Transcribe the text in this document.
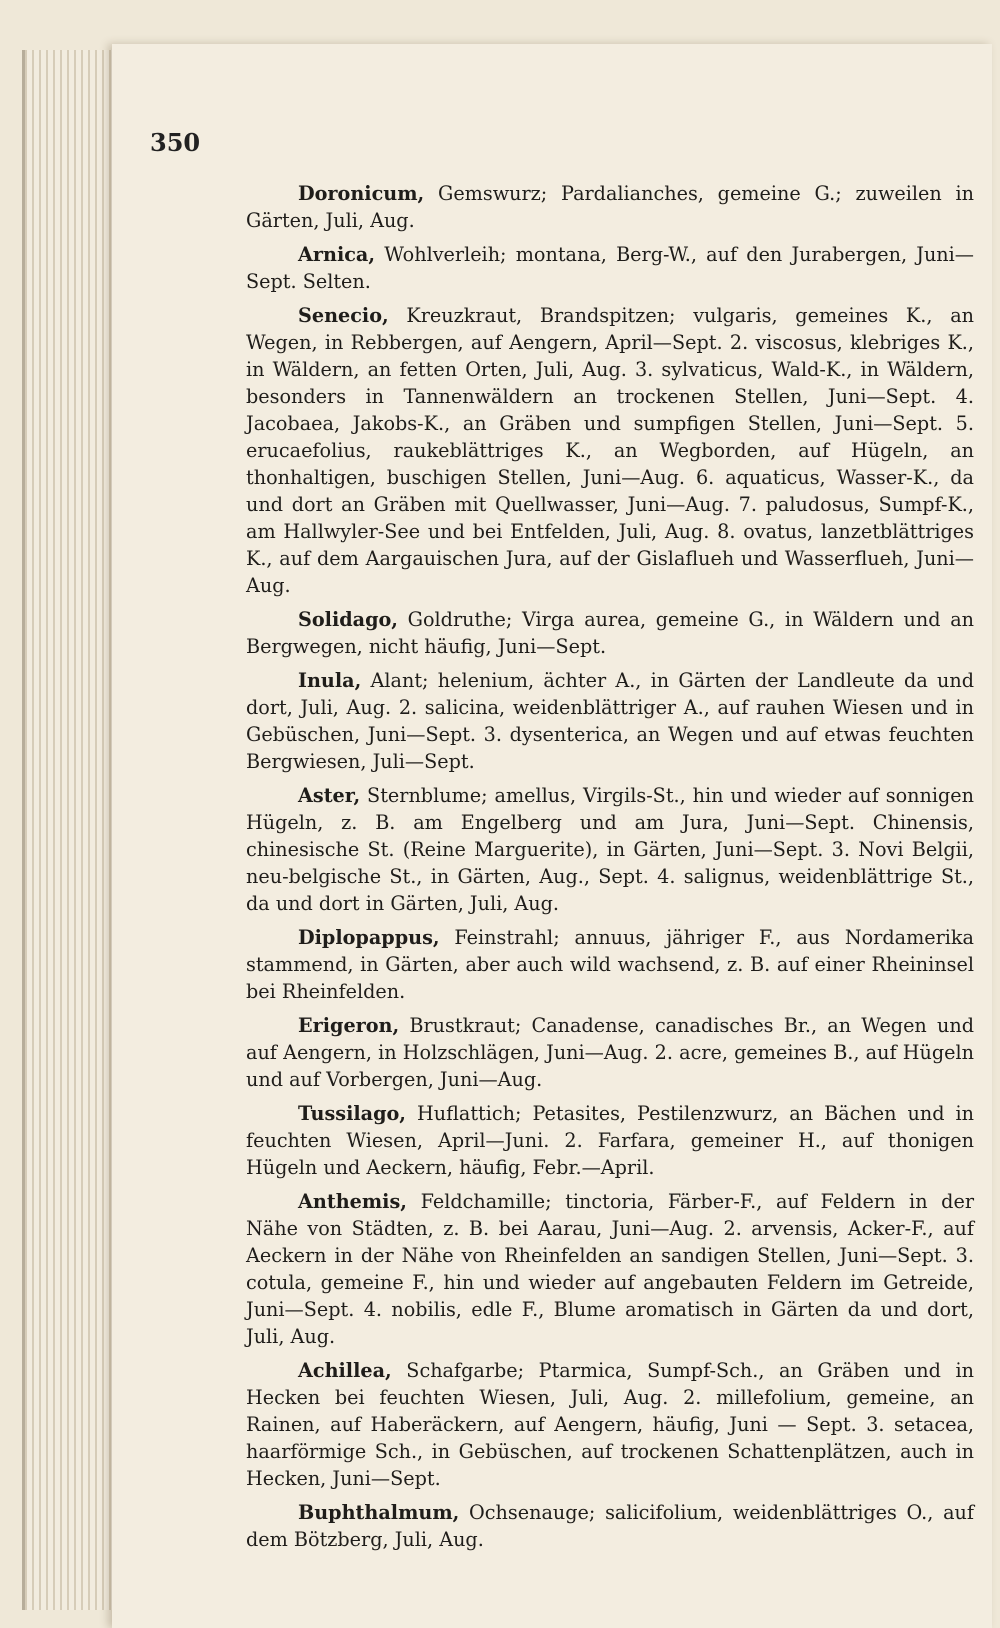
350

Doronicum, Gemswurz; Pardalianches, gemeine G.; zuweilen in Gärten, Juli, Aug.

Arnica, Wohlverleih; montana, Berg-W., auf den Jurabergen, Juni—Sept. Selten.

Senecio, Kreuzkraut, Brandspitzen; vulgaris, gemeines K., an Wegen, in Rebbergen, auf Aengern, April—Sept. 2. viscosus, klebriges K., in Wäldern, an fetten Orten, Juli, Aug. 3. sylvaticus, Wald-K., in Wäldern, besonders in Tannenwäldern an trockenen Stellen, Juni—Sept. 4. Jacobaea, Jakobs-K., an Gräben und sumpfigen Stellen, Juni—Sept. 5. erucaefolius, raukeblättriges K., an Wegborden, auf Hügeln, an thonhaltigen, buschigen Stellen, Juni—Aug. 6. aquaticus, Wasser-K., da und dort an Gräben mit Quellwasser, Juni—Aug. 7. paludosus, Sumpf-K., am Hallwyler-See und bei Entfelden, Juli, Aug. 8. ovatus, lanzetblättriges K., auf dem Aargauischen Jura, auf der Gislaflueh und Wasserflueh, Juni—Aug.

Solidago, Goldruthe; Virga aurea, gemeine G., in Wäldern und an Bergwegen, nicht häufig, Juni—Sept.

Inula, Alant; helenium, ächter A., in Gärten der Landleute da und dort, Juli, Aug. 2. salicina, weidenblättriger A., auf rauhen Wiesen und in Gebüschen, Juni—Sept. 3. dysenterica, an Wegen und auf etwas feuchten Bergwiesen, Juli—Sept.

Aster, Sternblume; amellus, Virgils-St., hin und wieder auf sonnigen Hügeln, z. B. am Engelberg und am Jura, Juni—Sept. Chinensis, chinesische St. (Reine Marguerite), in Gärten, Juni—Sept. 3. Novi Belgii, neu-belgische St., in Gärten, Aug., Sept. 4. salignus, weidenblättrige St., da und dort in Gärten, Juli, Aug.

Diplopappus, Feinstrahl; annuus, jähriger F., aus Nordamerika stammend, in Gärten, aber auch wild wachsend, z. B. auf einer Rheininsel bei Rheinfelden.

Erigeron, Brustkraut; Canadense, canadisches Br., an Wegen und auf Aengern, in Holzschlägen, Juni—Aug. 2. acre, gemeines B., auf Hügeln und auf Vorbergen, Juni—Aug.

Tussilago, Huflattich; Petasites, Pestilenzwurz, an Bächen und in feuchten Wiesen, April—Juni. 2. Farfara, gemeiner H., auf thonigen Hügeln und Aeckern, häufig, Febr.—April.

Anthemis, Feldchamille; tinctoria, Färber-F., auf Feldern in der Nähe von Städten, z. B. bei Aarau, Juni—Aug. 2. arvensis, Acker-F., auf Aeckern in der Nähe von Rheinfelden an sandigen Stellen, Juni—Sept. 3. cotula, gemeine F., hin und wieder auf angebauten Feldern im Getreide, Juni—Sept. 4. nobilis, edle F., Blume aromatisch in Gärten da und dort, Juli, Aug.

Achillea, Schafgarbe; Ptarmica, Sumpf-Sch., an Gräben und in Hecken bei feuchten Wiesen, Juli, Aug. 2. millefolium, gemeine, an Rainen, auf Haberäckern, auf Aengern, häufig, Juni — Sept. 3. setacea, haarförmige Sch., in Gebüschen, auf trockenen Schattenplätzen, auch in Hecken, Juni—Sept.

Buphthalmum, Ochsenauge; salicifolium, weidenblättriges O., auf dem Bötzberg, Juli, Aug.
